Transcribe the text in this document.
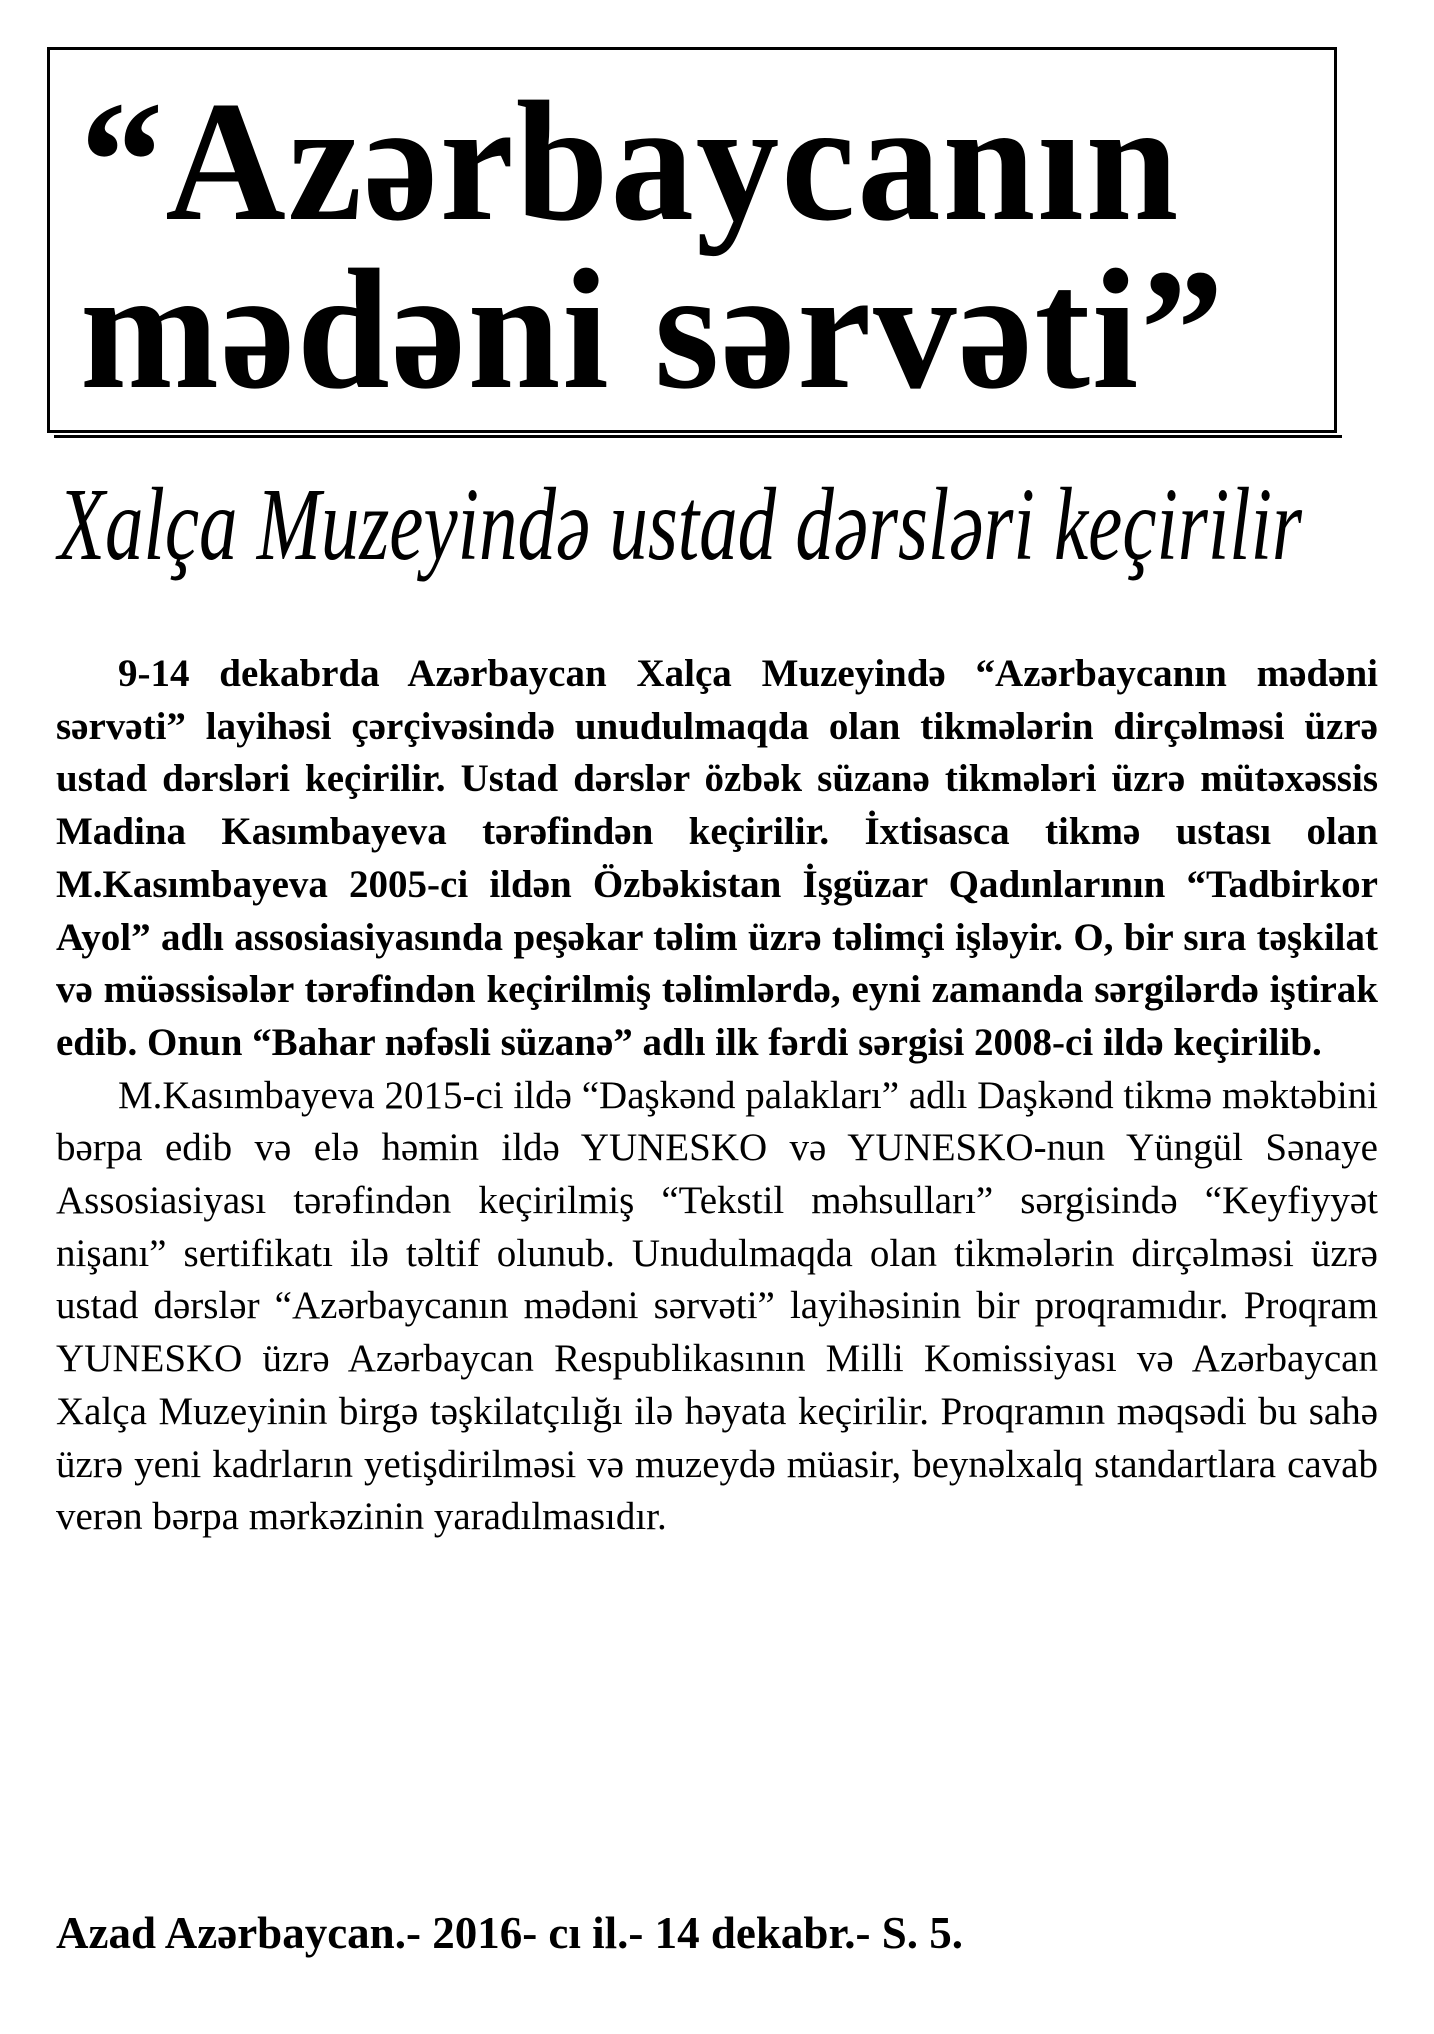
“Azərbaycanın
mədəni sərvəti”
Xalça Muzeyində ustad dərsləri keçirilir

9-14 dekabrda Azərbaycan Xalça Muzeyində “Azərbaycanın mədəni sərvəti” layihəsi çərçivəsində unudulmaqda olan tikmələrin dirçəlməsi üzrə ustad dərsləri keçirilir. Ustad dərslər özbək süzanə tikmələri üzrə mütəxəssis Madina Kasımbayeva tərəfindən keçirilir. İxtisasca tikmə ustası olan M.Kasımbayeva 2005-ci ildən Özbəkistan İşgüzar Qadınlarının “Tadbirkor Ayol” adlı assosiasiyasında peşəkar təlim üzrə təlimçi işləyir. O, bir sıra təşkilat və müəssisələr tərəfindən keçirilmiş təlimlərdə, eyni zamanda sərgilərdə iştirak edib. Onun “Bahar nəfəsli süzanə” adlı ilk fərdi sərgisi 2008-ci ildə keçirilib.

M.Kasımbayeva 2015-ci ildə “Daşkənd palakları” adlı Daşkənd tikmə məktəbini bərpa edib və elə həmin ildə YUNESKO və YUNESKO-nun Yüngül Sənaye Assosiasiyası tərəfindən keçirilmiş “Tekstil məhsulları” sərgisində “Keyfiyyət nişanı” sertifikatı ilə təltif olunub. Unudulmaqda olan tikmələrin dirçəlməsi üzrə ustad dərslər “Azərbaycanın mədəni sərvəti” layihəsinin bir proqramıdır. Proqram YUNESKO üzrə Azərbaycan Respublikasının Milli Komissiyası və Azərbaycan Xalça Muzeyinin birgə təşkilatçılığı ilə həyata keçirilir. Proqramın məqsədi bu sahə üzrə yeni kadrların yetişdirilməsi və muzeydə müasir, beynəlxalq standartlara cavab verən bərpa mərkəzinin yaradılmasıdır.

Azad Azərbaycan.- 2016- cı il.- 14 dekabr.- S. 5.
